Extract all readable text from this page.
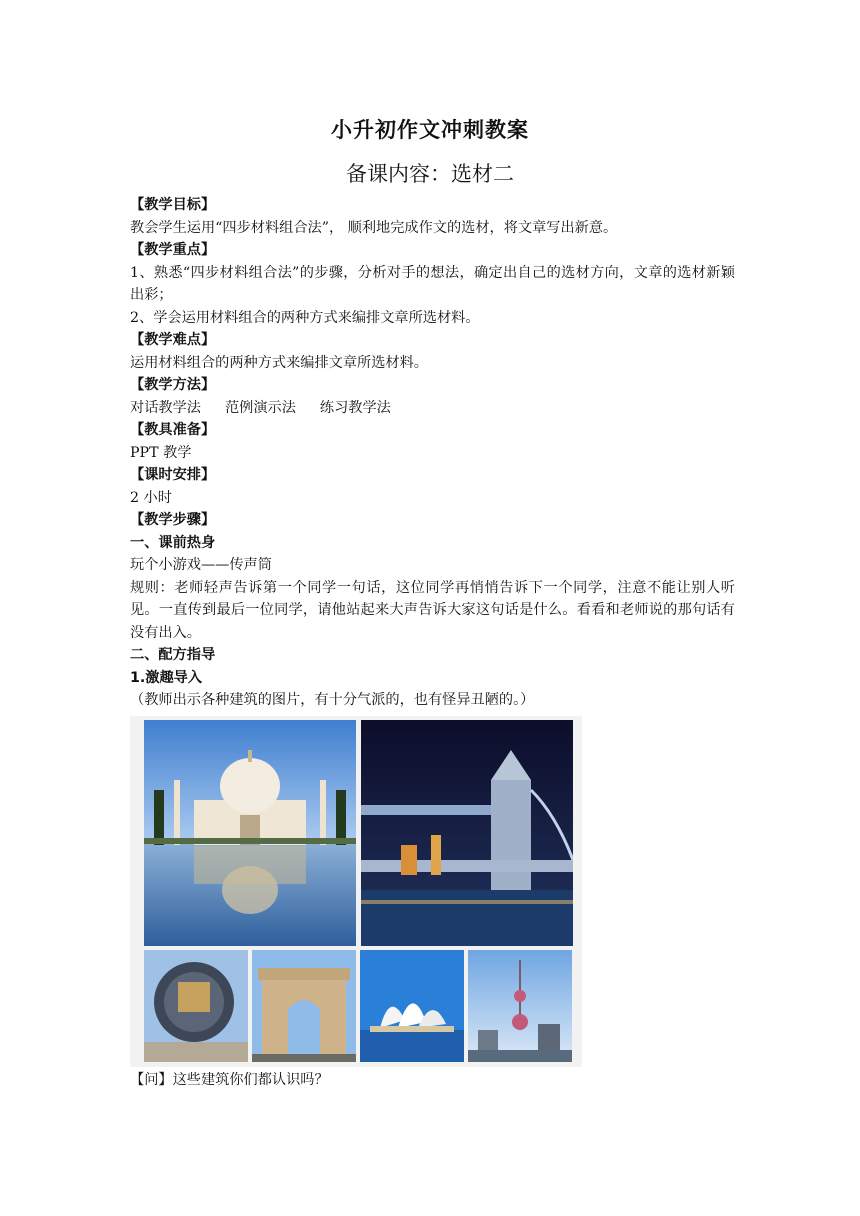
小升初作文冲刺教案
备课内容：选材二
【教学目标】
教会学生运用“四步材料组合法”， 顺利地完成作文的选材，将文章写出新意。
【教学重点】
1、熟悉“四步材料组合法”的步骤，分析对手的想法，确定出自己的选材方向，文章的选材新颖出彩；
2、学会运用材料组合的两种方式来编排文章所选材料。
【教学难点】
运用材料组合的两种方式来编排文章所选材料。
【教学方法】
对话教学法 范例演示法 练习教学法
【教具准备】
PPT 教学
【课时安排】
2 小时
【教学步骤】
一、课前热身
玩个小游戏——传声筒
规则：老师轻声告诉第一个同学一句话，这位同学再悄悄告诉下一个同学，注意不能让别人听见。一直传到最后一位同学，请他站起来大声告诉大家这句话是什么。看看和老师说的那句话有没有出入。
二、配方指导
1.激趣导入
（教师出示各种建筑的图片，有十分气派的，也有怪异丑陋的。）
【问】这些建筑你们都认识吗？
